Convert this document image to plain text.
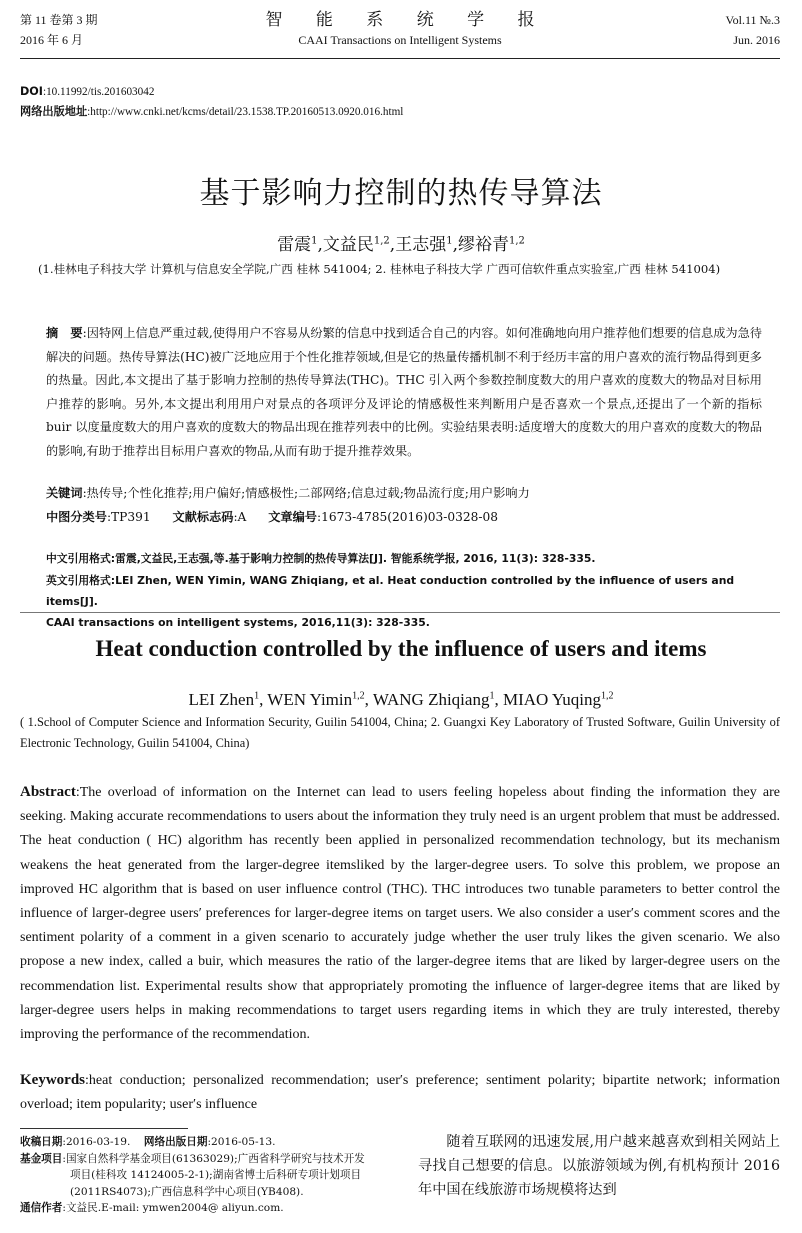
第 11 卷第 3 期
2016 年 6 月
智 能 系 统 学 报
CAAI Transactions on Intelligent Systems
Vol.11 №.3
Jun. 2016
DOI:10.11992/tis.201603042
网络出版地址:http://www.cnki.net/kcms/detail/23.1538.TP.20160513.0920.016.html
基于影响力控制的热传导算法
雷震$^1$,文益民$^{1,2}$,王志强$^1$,缪裕青$^{1,2}$
(1.桂林电子科技大学 计算机与信息安全学院,广西 桂林 541004; 2. 桂林电子科技大学 广西可信软件重点实验室,广西 桂林 541004)
摘　要:因特网上信息严重过载,使得用户不容易从纷繁的信息中找到适合自己的内容。如何准确地向用户推荐他们想要的信息成为急待解决的问题。热传导算法(HC)被广泛地应用于个性化推荐领域,但是它的热量传播机制不利于经历丰富的用户喜欢的流行物品得到更多的热量。因此,本文提出了基于影响力控制的热传导算法(THC)。THC 引入两个参数控制度数大的用户喜欢的度数大的物品对目标用户推荐的影响。另外,本文提出利用用户对景点的各项评分及评论的情感极性来判断用户是否喜欢一个景点,还提出了一个新的指标 buir 以度量度数大的用户喜欢的度数大的物品出现在推荐列表中的比例。实验结果表明:适度增大的度数大的用户喜欢的度数大的物品的影响,有助于推荐出目标用户喜欢的物品,从而有助于提升推荐效果。
关键词:热传导;个性化推荐;用户偏好;情感极性;二部网络;信息过载;物品流行度;用户影响力
中图分类号:TP391 文献标志码:A 文章编号:1673-4785(2016)03-0328-08
中文引用格式:雷震,文益民,王志强,等.基于影响力控制的热传导算法[J]. 智能系统学报, 2016, 11(3): 328-335.
英文引用格式:LEI Zhen, WEN Yimin, WANG Zhiqiang, et al. Heat conduction controlled by the influence of users and items[J].
CAAI transactions on intelligent systems, 2016,11(3): 328-335.
Heat conduction controlled by the influence of users and items
LEI Zhen$^1$, WEN Yimin$^{1,2}$, WANG Zhiqiang$^1$, MIAO Yuqing$^{1,2}$
( 1.School of Computer Science and Information Security, Guilin 541004, China; 2. Guangxi Key Laboratory of Trusted Software, Guilin University of Electronic Technology, Guilin 541004, China)
Abstract:The overload of information on the Internet can lead to users feeling hopeless about finding the information they are seeking. Making accurate recommendations to users about the information they truly need is an urgent problem that must be addressed. The heat conduction ( HC) algorithm has recently been applied in personalized recommendation technology, but its mechanism weakens the heat generated from the larger-degree itemsliked by the larger-degree users. To solve this problem, we propose an improved HC algorithm that is based on user influence control (THC). THC introduces two tunable parameters to better control the influence of larger-degree users′ preferences for larger-degree items on target users. We also consider a user′s comment scores and the sentiment polarity of a comment in a given scenario to accurately judge whether the user truly likes the given scenario. We also propose a new index, called a buir, which measures the ratio of the larger-degree items that are liked by larger-degree users on the recommendation list. Experimental results show that appropriately promoting the influence of larger-degree items that are liked by larger-degree users helps in making recommendations to target users regarding items in which they are truly interested, thereby improving the performance of the recommendation.
Keywords:heat conduction; personalized recommendation; user′s preference; sentiment polarity; bipartite network; information overload; item popularity; user′s influence
收稿日期:2016-03-19. 网络出版日期:2016-05-13.
基金项目:国家自然科学基金项目(61363029);广西省科学研究与技术开发
项目(桂科攻 14124005-2-1);湖南省博士后科研专项计划项目
(2011RS4073);广西信息科学中心项目(YB408).
通信作者:文益民.E-mail: ymwen2004@ aliyun.com.
随着互联网的迅速发展,用户越来越喜欢到相关网站上寻找自己想要的信息。以旅游领域为例,有机构预计 2016 年中国在线旅游市场规模将达到
